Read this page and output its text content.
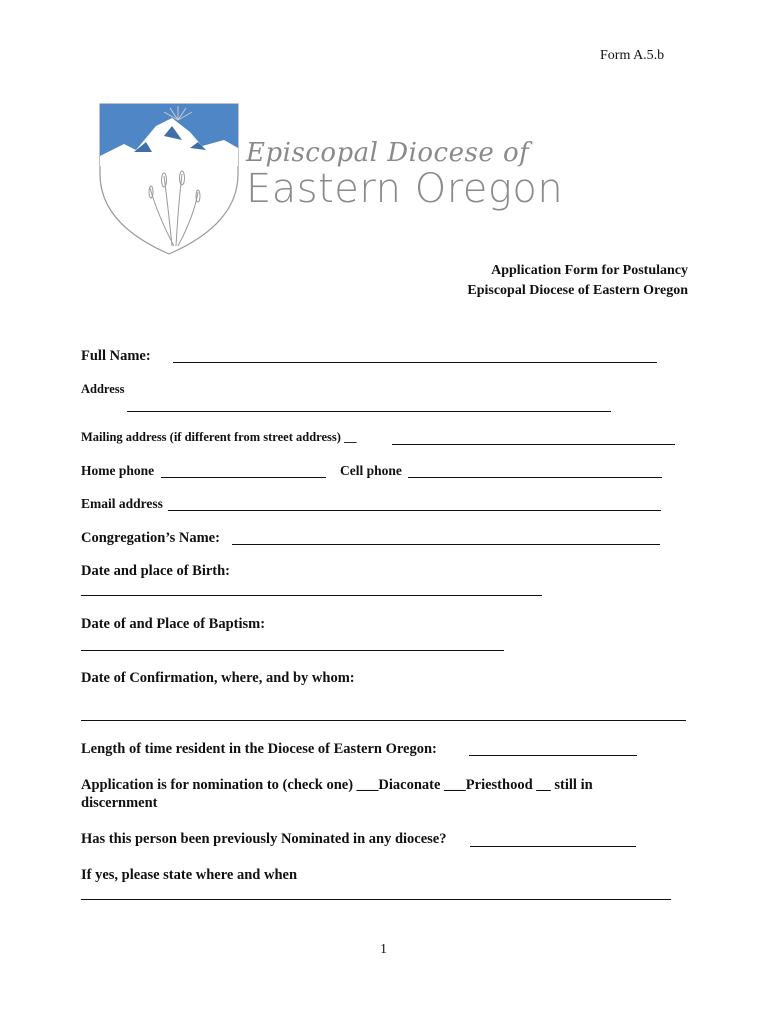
Form A.5.b
Episcopal Diocese of
Eastern Oregon
Application Form for Postulancy
Episcopal Diocese of Eastern Oregon
Full Name:
Address
Mailing address (if different from street address) __
Home phone	Cell phone
Email address
Congregation’s Name:
Date and place of Birth:
Date of and Place of Baptism:
Date of Confirmation, where, and by whom:
Length of time resident in the Diocese of Eastern Oregon:
Application is for nomination to (check one) ___Diaconate ___Priesthood __ still in
discernment
Has this person been previously Nominated in any diocese?
If yes, please state where and when
1
